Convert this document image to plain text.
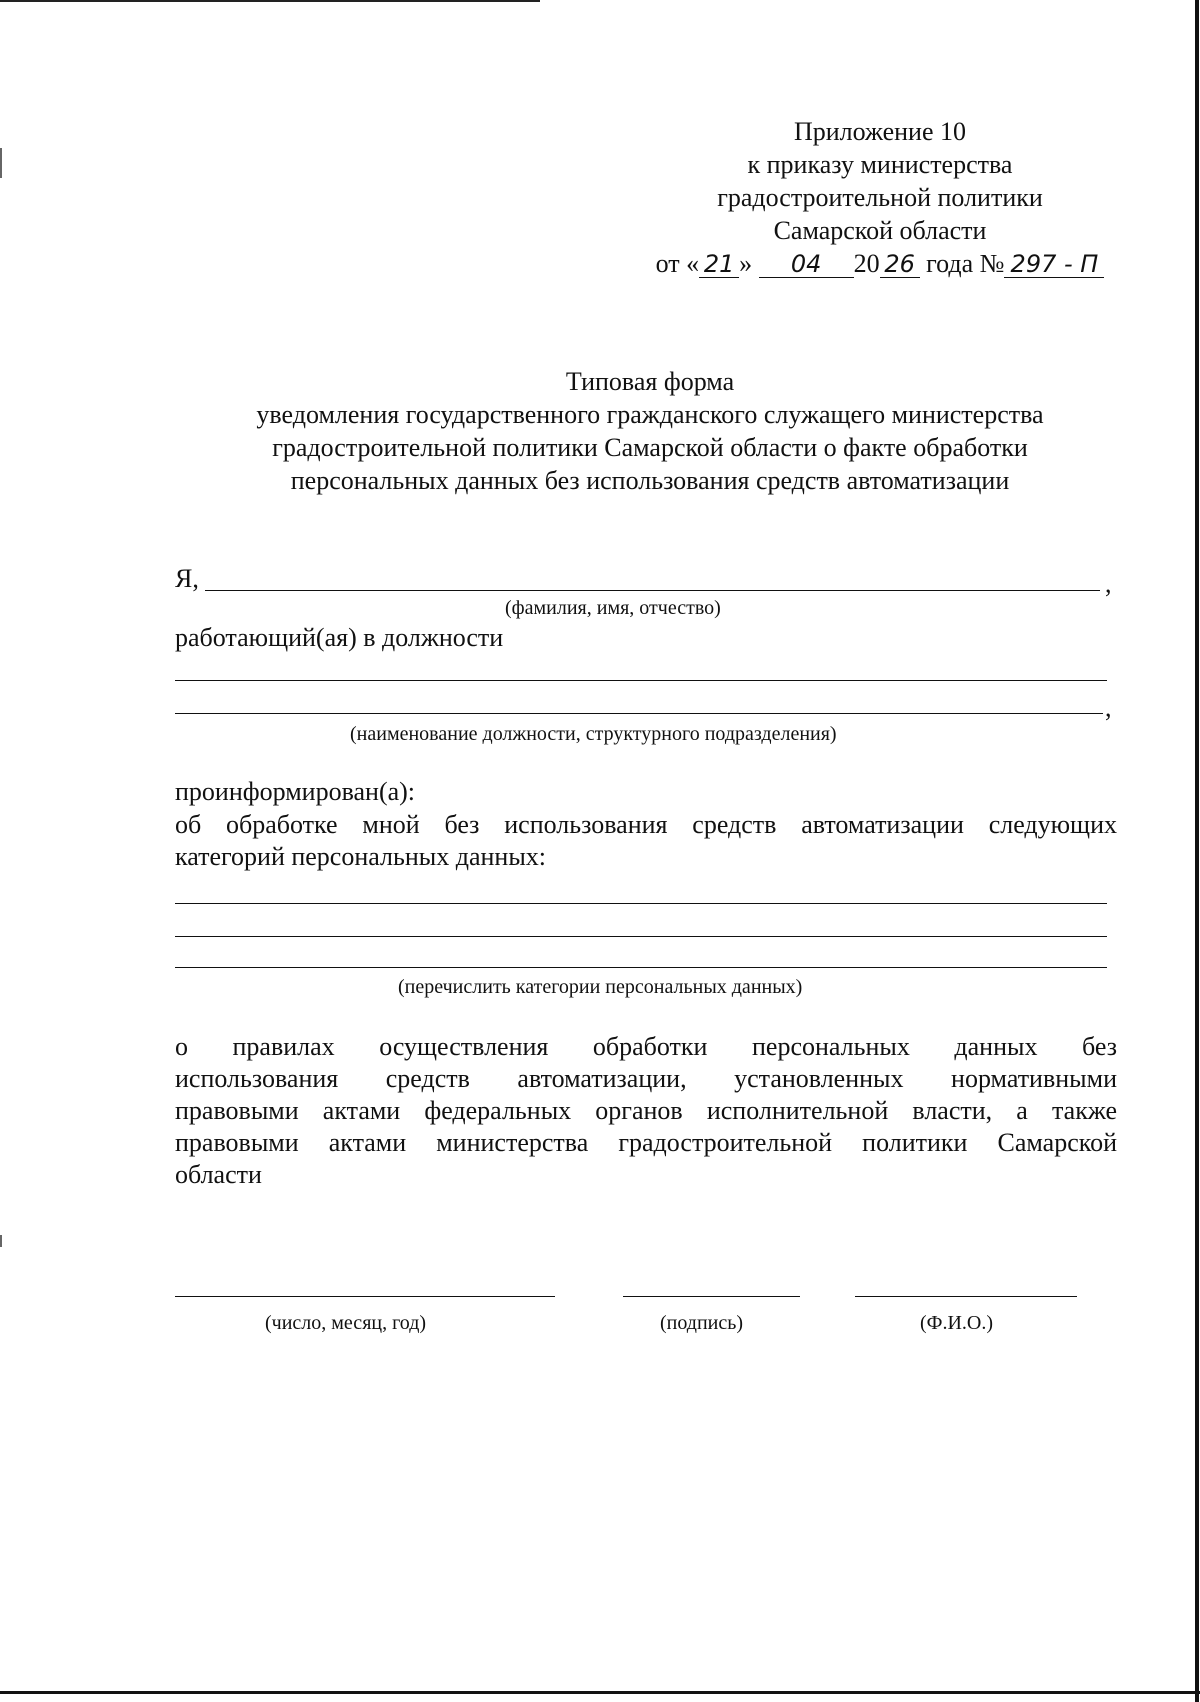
Приложение 10
к приказу министерства
градостроительной политики
Самарской области
от « 21 » 04 20 26 года № 297 - П
Типовая форма
уведомления государственного гражданского служащего министерства
градостроительной политики Самарской области о факте обработки
персональных данных без использования средств автоматизации
Я,	,
(фамилия, имя, отчество)
работающий(ая) в должности
,
(наименование должности, структурного подразделения)
проинформирован(а):
об обработке мной без использования средств автоматизации следующих
категорий персональных данных:
(перечислить категории персональных данных)
о правилах осуществления обработки персональных данных без
использования средств автоматизации, установленных нормативными
правовыми актами федеральных органов исполнительной власти, а также
правовыми актами министерства градостроительной политики Самарской
области
(число, месяц, год)	(подпись)	(Ф.И.О.)
